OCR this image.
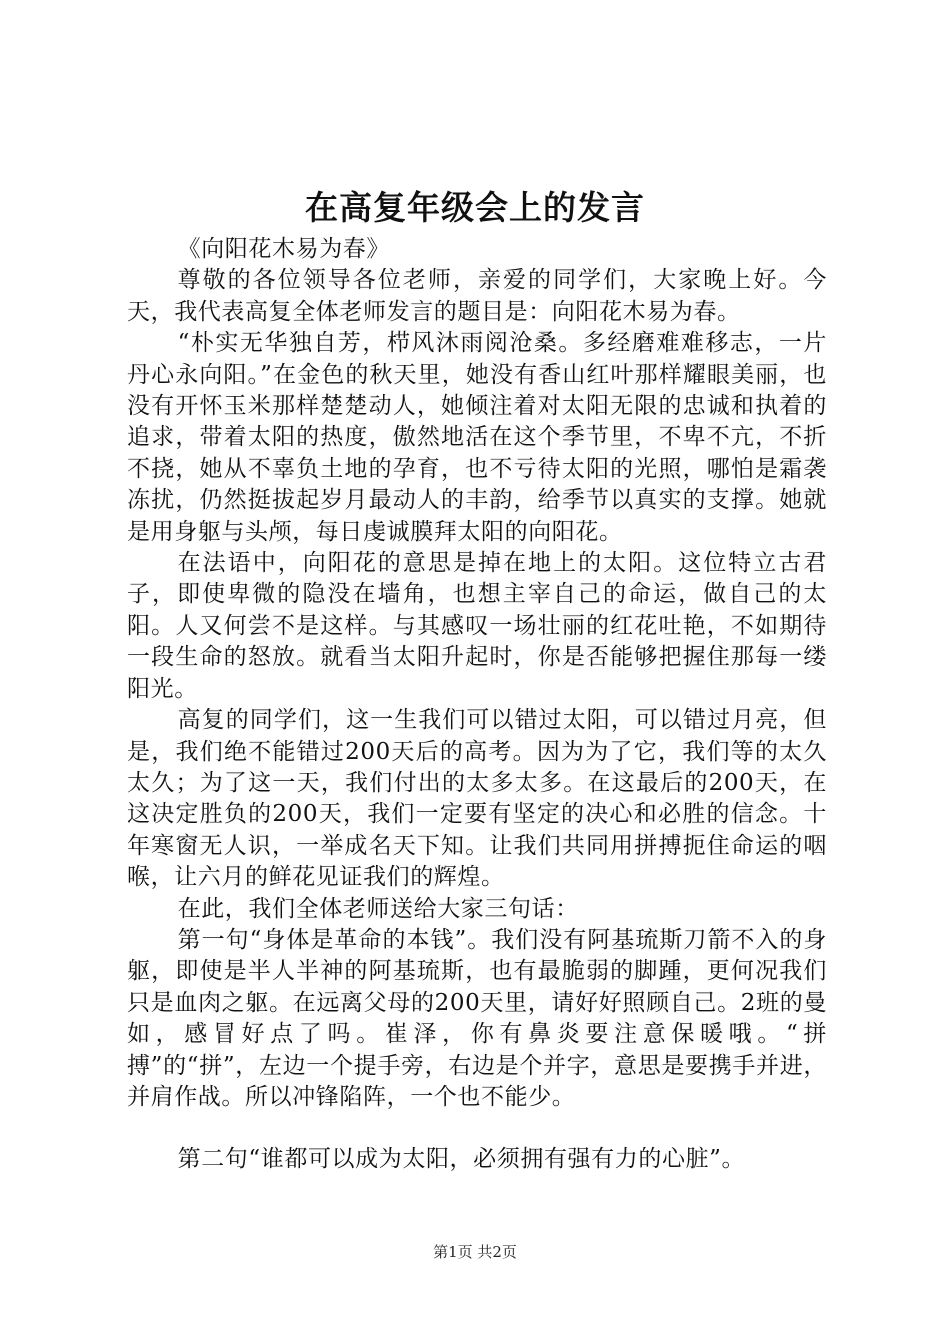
在高复年级会上的发言

《向阳花木易为春》

尊敬的各位领导各位老师，亲爱的同学们，大家晚上好。今天，我代表高复全体老师发言的题目是：向阳花木易为春。

“朴实无华独自芳，栉风沐雨阅沧桑。多经磨难难移志，一片丹心永向阳。”在金色的秋天里，她没有香山红叶那样耀眼美丽，也没有开怀玉米那样楚楚动人，她倾注着对太阳无限的忠诚和执着的追求，带着太阳的热度，傲然地活在这个季节里，不卑不亢，不折不挠，她从不辜负土地的孕育，也不亏待太阳的光照，哪怕是霜袭冻扰，仍然挺拔起岁月最动人的丰韵，给季节以真实的支撑。她就是用身躯与头颅，每日虔诚膜拜太阳的向阳花。

在法语中，向阳花的意思是掉在地上的太阳。这位特立古君子，即使卑微的隐没在墙角，也想主宰自己的命运，做自己的太阳。人又何尝不是这样。与其感叹一场壮丽的红花吐艳，不如期待一段生命的怒放。就看当太阳升起时，你是否能够把握住那每一缕阳光。

高复的同学们，这一生我们可以错过太阳，可以错过月亮，但是，我们绝不能错过200天后的高考。因为为了它，我们等的太久太久；为了这一天，我们付出的太多太多。在这最后的200天，在这决定胜负的200天，我们一定要有坚定的决心和必胜的信念。十年寒窗无人识，一举成名天下知。让我们共同用拼搏扼住命运的咽喉，让六月的鲜花见证我们的辉煌。

在此，我们全体老师送给大家三句话：

第一句“身体是革命的本钱”。我们没有阿基琉斯刀箭不入的身躯，即使是半人半神的阿基琉斯，也有最脆弱的脚踵，更何况我们只是血肉之躯。在远离父母的200天里，请好好照顾自己。2班的曼如，感冒好点了吗。崔泽，你有鼻炎要注意保暖哦。“拼搏”的“拼”，左边一个提手旁，右边是个并字，意思是要携手并进，并肩作战。所以冲锋陷阵，一个也不能少。

第二句“谁都可以成为太阳，必须拥有强有力的心脏”。

第1页 共2页
